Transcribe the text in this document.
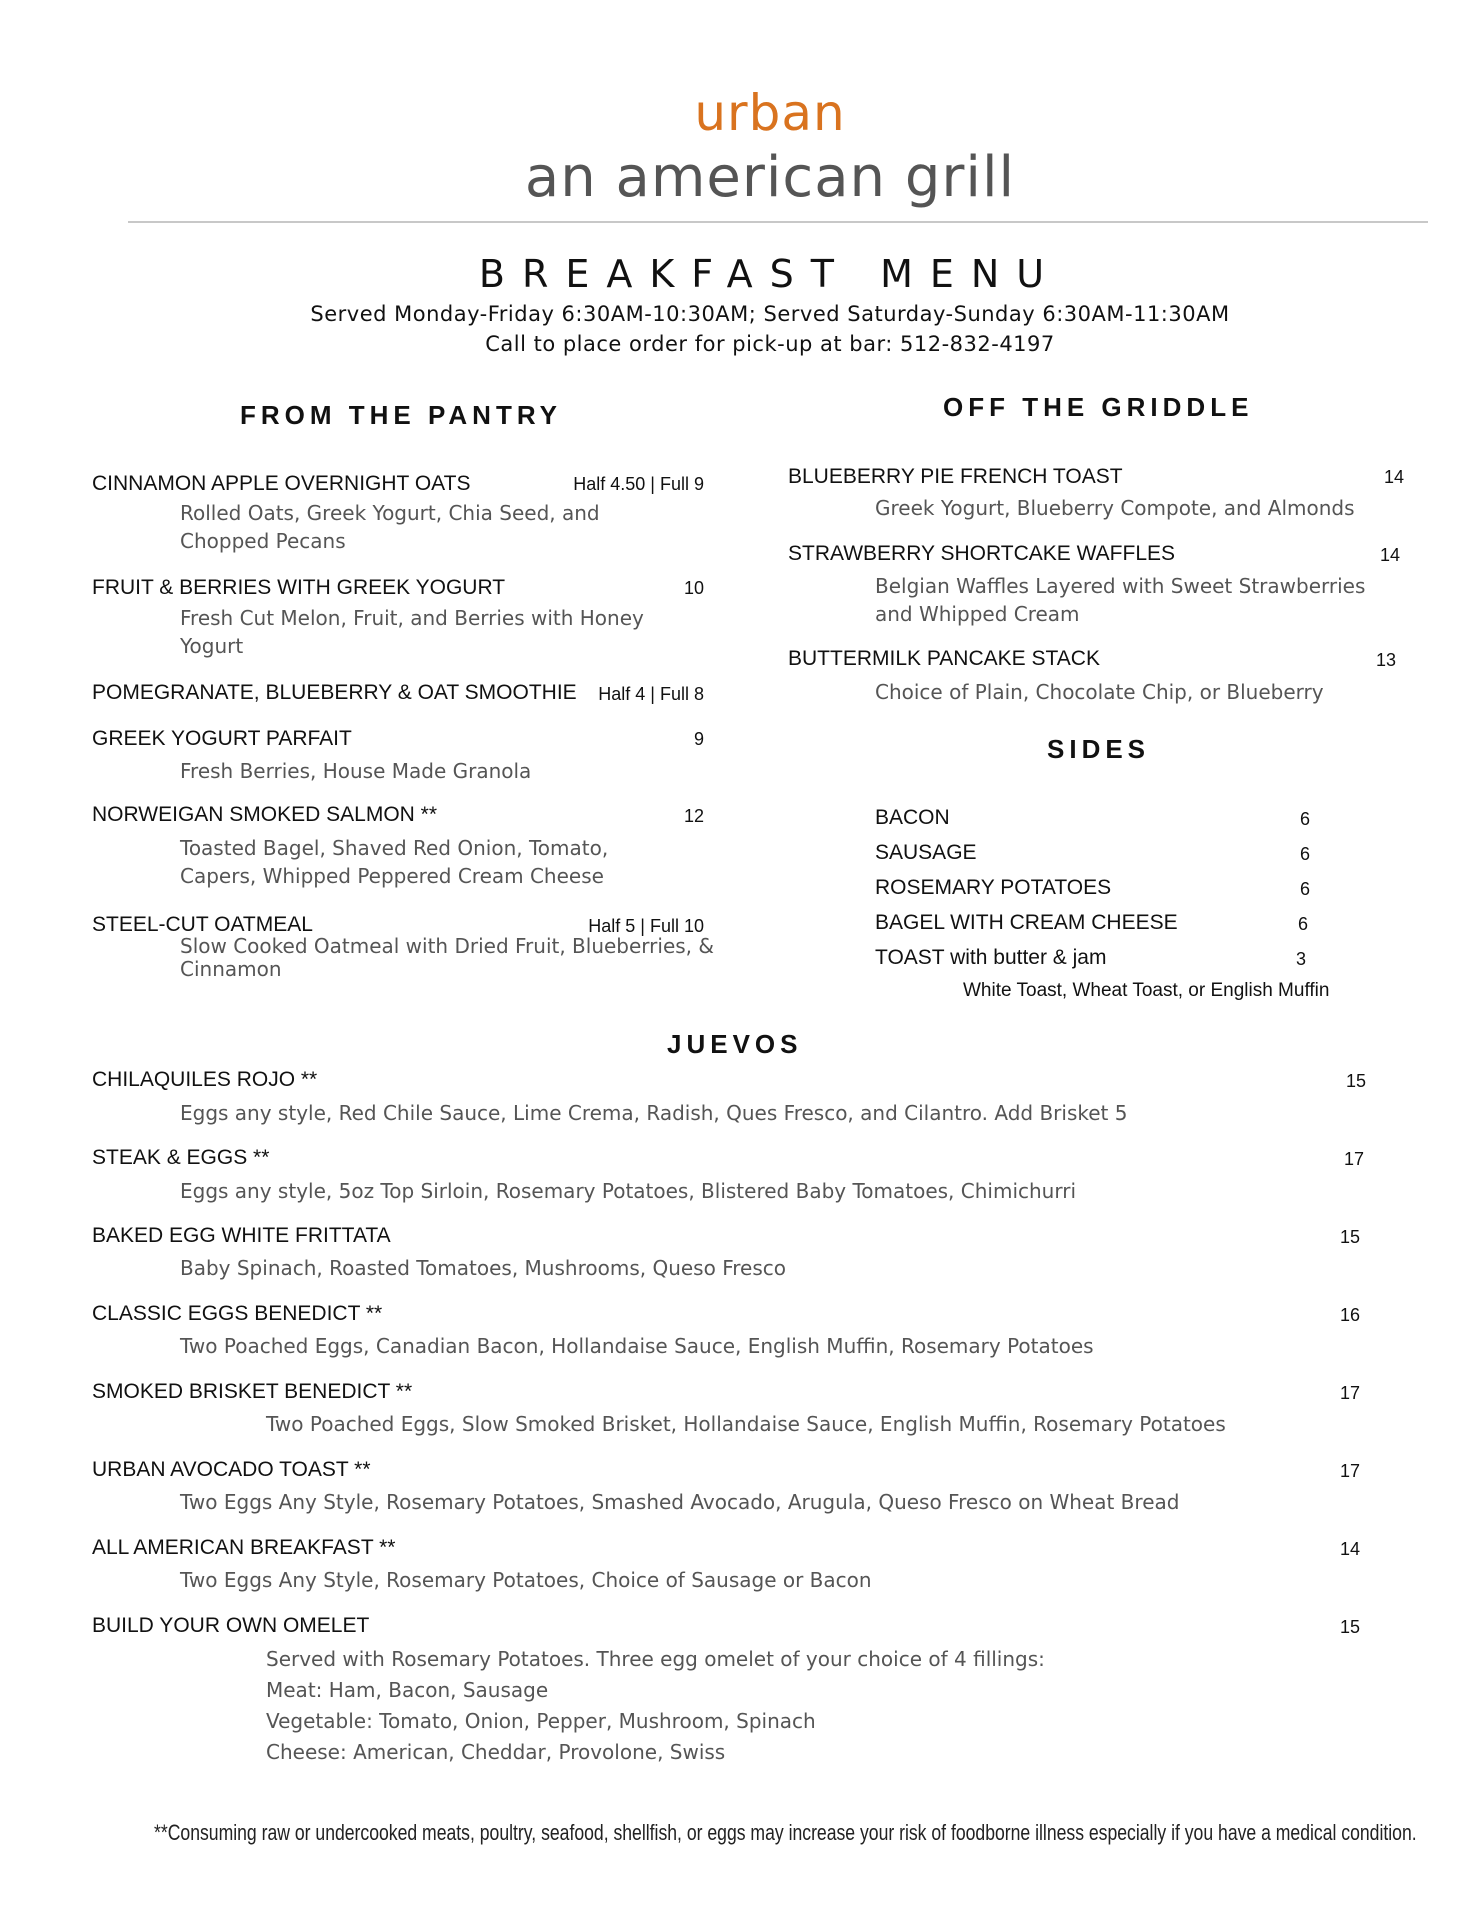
urban
an american grill
BREAKFAST MENU
Served Monday-Friday 6:30AM-10:30AM; Served Saturday-Sunday 6:30AM-11:30AM
Call to place order for pick-up at bar: 512-832-4197
FROM THE PANTRY
CINNAMON APPLE OVERNIGHT OATS	Half 4.50 | Full 9
Rolled Oats, Greek Yogurt, Chia Seed, and Chopped Pecans
FRUIT & BERRIES WITH GREEK YOGURT	10
Fresh Cut Melon, Fruit, and Berries with Honey Yogurt
POMEGRANATE, BLUEBERRY & OAT SMOOTHIE	Half 4 | Full 8
GREEK YOGURT PARFAIT	9
Fresh Berries, House Made Granola
NORWEIGAN SMOKED SALMON **	12
Toasted Bagel, Shaved Red Onion, Tomato, Capers, Whipped Peppered Cream Cheese
STEEL-CUT OATMEAL	Half 5 | Full 10
Slow Cooked Oatmeal with Dried Fruit, Blueberries, & Cinnamon
OFF THE GRIDDLE
BLUEBERRY PIE FRENCH TOAST	14
Greek Yogurt, Blueberry Compote, and Almonds
STRAWBERRY SHORTCAKE WAFFLES	14
Belgian Waffles Layered with Sweet Strawberries and Whipped Cream
BUTTERMILK PANCAKE STACK	13
Choice of Plain, Chocolate Chip, or Blueberry
SIDES
BACON	6
SAUSAGE	6
ROSEMARY POTATOES	6
BAGEL WITH CREAM CHEESE	6
TOAST with butter & jam	3
White Toast, Wheat Toast, or English Muffin
JUEVOS
CHILAQUILES ROJO **	15
Eggs any style, Red Chile Sauce, Lime Crema, Radish, Ques Fresco, and Cilantro. Add Brisket 5
STEAK & EGGS **	17
Eggs any style, 5oz Top Sirloin, Rosemary Potatoes, Blistered Baby Tomatoes, Chimichurri
BAKED EGG WHITE FRITTATA	15
Baby Spinach, Roasted Tomatoes, Mushrooms, Queso Fresco
CLASSIC EGGS BENEDICT **	16
Two Poached Eggs, Canadian Bacon, Hollandaise Sauce, English Muffin, Rosemary Potatoes
SMOKED BRISKET BENEDICT **	17
Two Poached Eggs, Slow Smoked Brisket, Hollandaise Sauce, English Muffin, Rosemary Potatoes
URBAN AVOCADO TOAST **	17
Two Eggs Any Style, Rosemary Potatoes, Smashed Avocado, Arugula, Queso Fresco on Wheat Bread
ALL AMERICAN BREAKFAST **	14
Two Eggs Any Style, Rosemary Potatoes, Choice of Sausage or Bacon
BUILD YOUR OWN OMELET	15
Served with Rosemary Potatoes. Three egg omelet of your choice of 4 fillings:
Meat: Ham, Bacon, Sausage
Vegetable: Tomato, Onion, Pepper, Mushroom, Spinach
Cheese: American, Cheddar, Provolone, Swiss
**Consuming raw or undercooked meats, poultry, seafood, shellfish, or eggs may increase your risk of foodborne illness especially if you have a medical condition.
